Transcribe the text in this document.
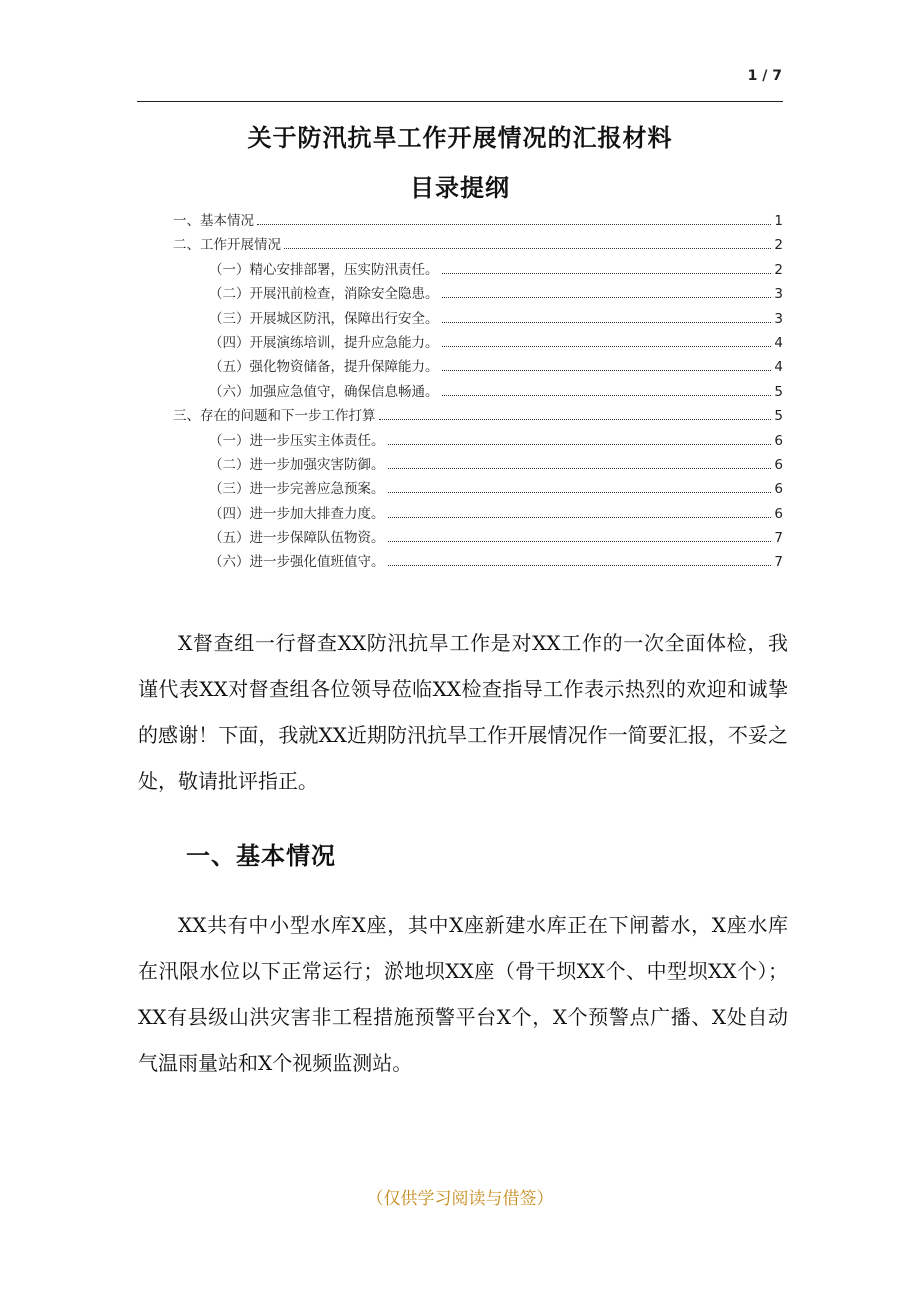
1 / 7
关于防汛抗旱工作开展情况的汇报材料
目录提纲
一、基本情况	1
二、工作开展情况	2
（一）精心安排部署，压实防汛责任。	2
（二）开展汛前检查，消除安全隐患。	3
（三）开展城区防汛，保障出行安全。	3
（四）开展演练培训，提升应急能力。	4
（五）强化物资储备，提升保障能力。	4
（六）加强应急值守，确保信息畅通。	5
三、存在的问题和下一步工作打算	5
（一）进一步压实主体责任。	6
（二）进一步加强灾害防御。	6
（三）进一步完善应急预案。	6
（四）进一步加大排查力度。	6
（五）进一步保障队伍物资。	7
（六）进一步强化值班值守。	7

X督查组一行督查XX防汛抗旱工作是对XX工作的一次全面体检，我谨代表XX对督查组各位领导莅临XX检查指导工作表示热烈的欢迎和诚挚的感谢！下面，我就XX近期防汛抗旱工作开展情况作一简要汇报，不妥之处，敬请批评指正。

一、基本情况

XX共有中小型水库X座，其中X座新建水库正在下闸蓄水，X座水库在汛限水位以下正常运行；淤地坝XX座（骨干坝XX个、中型坝XX个）；XX有县级山洪灾害非工程措施预警平台X个，X个预警点广播、X处自动气温雨量站和X个视频监测站。

（仅供学习阅读与借签）
